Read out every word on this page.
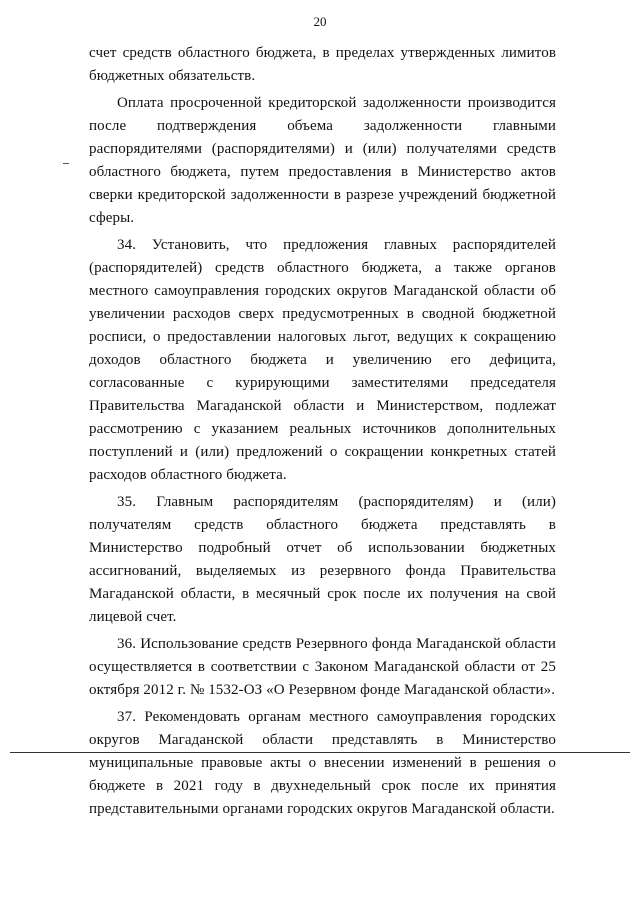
20

счет средств областного бюджета, в пределах утвержденных лимитов бюджетных обязательств.

Оплата просроченной кредиторской задолженности производится после подтверждения объема задолженности главными распорядителями (распорядителями) и (или) получателями средств областного бюджета, путем предоставления в Министерство актов сверки кредиторской задолженности в разрезе учреждений бюджетной сферы.

34. Установить, что предложения главных распорядителей (распорядителей) средств областного бюджета, а также органов местного самоуправления городских округов Магаданской области об увеличении расходов сверх предусмотренных в сводной бюджетной росписи, о предоставлении налоговых льгот, ведущих к сокращению доходов областного бюджета и увеличению его дефицита, согласованные с курирующими заместителями председателя Правительства Магаданской области и Министерством, подлежат рассмотрению с указанием реальных источников дополнительных поступлений и (или) предложений о сокращении конкретных статей расходов областного бюджета.

35. Главным распорядителям (распорядителям) и (или) получателям средств областного бюджета представлять в Министерство подробный отчет об использовании бюджетных ассигнований, выделяемых из резервного фонда Правительства Магаданской области, в месячный срок после их получения на свой лицевой счет.

36. Использование средств Резервного фонда Магаданской области осуществляется в соответствии с Законом Магаданской области от 25 октября 2012 г. № 1532-ОЗ «О Резервном фонде Магаданской области».

37. Рекомендовать органам местного самоуправления городских округов Магаданской области представлять в Министерство муниципальные правовые акты о внесении изменений в решения о бюджете в 2021 году в двухнедельный срок после их принятия представительными органами городских округов Магаданской области.
